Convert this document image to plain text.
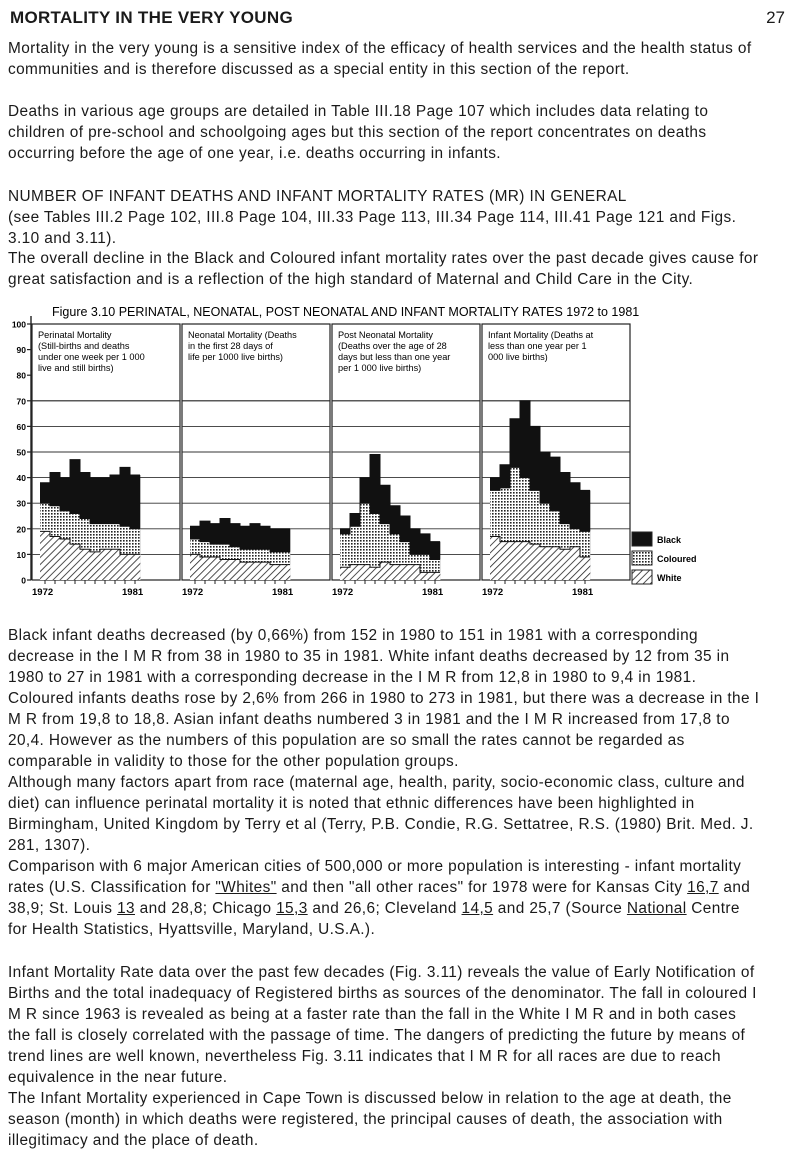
MORTALITY IN THE VERY YOUNG	27

Mortality in the very young is a sensitive index of the efficacy of health services and the health status of communities and is therefore discussed as a special entity in this section of the report.

Deaths in various age groups are detailed in Table III.18 Page 107 which includes data relating to children of pre-school and schoolgoing ages but this section of the report concentrates on deaths occurring before the age of one year, i.e. deaths occurring in infants.

NUMBER OF INFANT DEATHS AND INFANT MORTALITY RATES (MR) IN GENERAL
(see Tables III.2 Page 102, III.8 Page 104, III.33 Page 113, III.34 Page 114, III.41 Page 121 and Figs. 3.10 and 3.11).

The overall decline in the Black and Coloured infant mortality rates over the past decade gives cause for great satisfaction and is a reflection of the high standard of Maternal and Child Care in the City.

Figure 3.10 PERINATAL, NEONATAL, POST NEONATAL AND INFANT MORTALITY RATES 1972 to 1981
0
10
20
30
40
50
60
70
80
90
100
Perinatal Mortality
(Still-births and deaths
under one week per 1 000
live and still births)
1972	1981
Neonatal Mortality (Deaths
in the first 28 days of
life per 1000 live births)
1972	1981
Post Neonatal Mortality
(Deaths over the age of 28
days but less than one year
per 1 000 live births)
1972	1981
Infant Mortality (Deaths at
less than one year per 1
000 live births)
1972	1981
Black
Coloured
White

Black infant deaths decreased (by 0,66%) from 152 in 1980 to 151 in 1981 with a corresponding decrease in the I M R from 38 in 1980 to 35 in 1981. White infant deaths decreased by 12 from 35 in 1980 to 27 in 1981 with a corresponding decrease in the I M R from 12,8 in 1980 to 9,4 in 1981. Coloured infants deaths rose by 2,6% from 266 in 1980 to 273 in 1981, but there was a decrease in the I M R from 19,8 to 18,8. Asian infant deaths numbered 3 in 1981 and the I M R increased from 17,8 to 20,4. However as the numbers of this population are so small the rates cannot be regarded as comparable in validity to those for the other population groups.

Although many factors apart from race (maternal age, health, parity, socio-economic class, culture and diet) can influence perinatal mortality it is noted that ethnic differences have been highlighted in Birmingham, United Kingdom by Terry et al (Terry, P.B. Condie, R.G. Settatree, R.S. (1980) Brit. Med. J. 281, 1307).

Comparison with 6 major American cities of 500,000 or more population is interesting - infant mortality rates (U.S. Classification for "Whites" and then "all other races" for 1978 were for Kansas City 16,7 and 38,9; St. Louis 13 and 28,8; Chicago 15,3 and 26,6; Cleveland 14,5 and 25,7 (Source National Centre for Health Statistics, Hyattsville, Maryland, U.S.A.).

Infant Mortality Rate data over the past few decades (Fig. 3.11) reveals the value of Early Notification of Births and the total inadequacy of Registered births as sources of the denominator. The fall in coloured I M R since 1963 is revealed as being at a faster rate than the fall in the White I M R and in both cases the fall is closely correlated with the passage of time. The dangers of predicting the future by means of trend lines are well known, nevertheless Fig. 3.11 indicates that I M R for all races are due to reach equivalence in the near future.

The Infant Mortality experienced in Cape Town is discussed below in relation to the age at death, the season (month) in which deaths were registered, the principal causes of death, the association with illegitimacy and the place of death.
